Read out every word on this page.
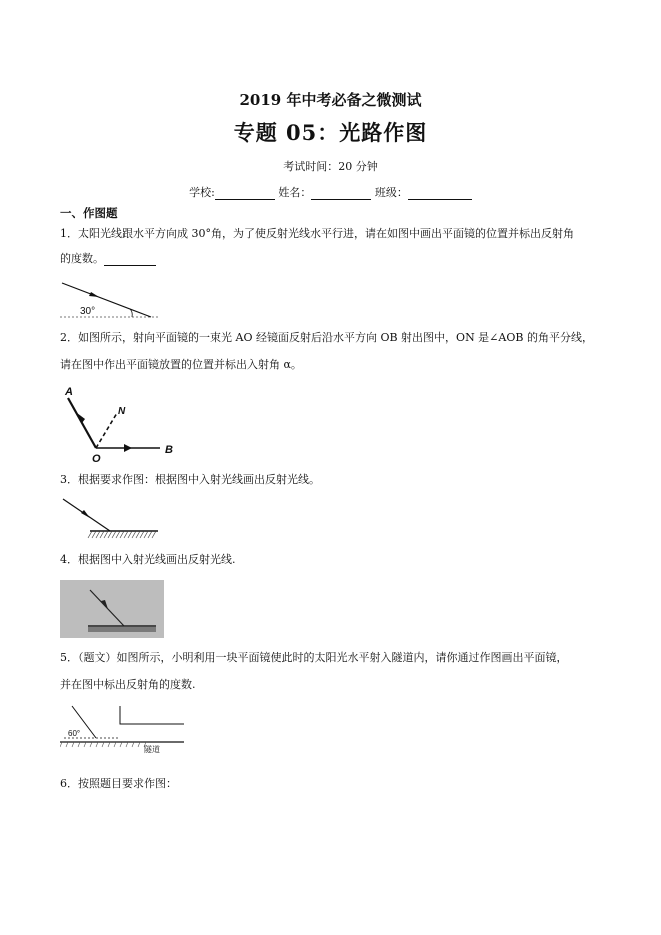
2019 年中考必备之微测试
专题 05：光路作图
考试时间：20 分钟
学校:	姓名：	班级：
一、作图题
1．太阳光线跟水平方向成 30°角，为了使反射光线水平行进，请在如图中画出平面镜的位置并标出反射角
的度数。
30°
2．如图所示，射向平面镜的一束光 AO 经镜面反射后沿水平方向 OB 射出图中，ON 是∠AOB 的角平分线，
请在图中作出平面镜放置的位置并标出入射角 α。
A
N
O
B
3．根据要求作图：根据图中入射光线画出反射光线。
4．根据图中入射光线画出反射光线.
5．（题文）如图所示，小明利用一块平面镜使此时的太阳光水平射入隧道内，请你通过作图画出平面镜，
并在图中标出反射角的度数.
60°
隧道
6．按照题目要求作图：
